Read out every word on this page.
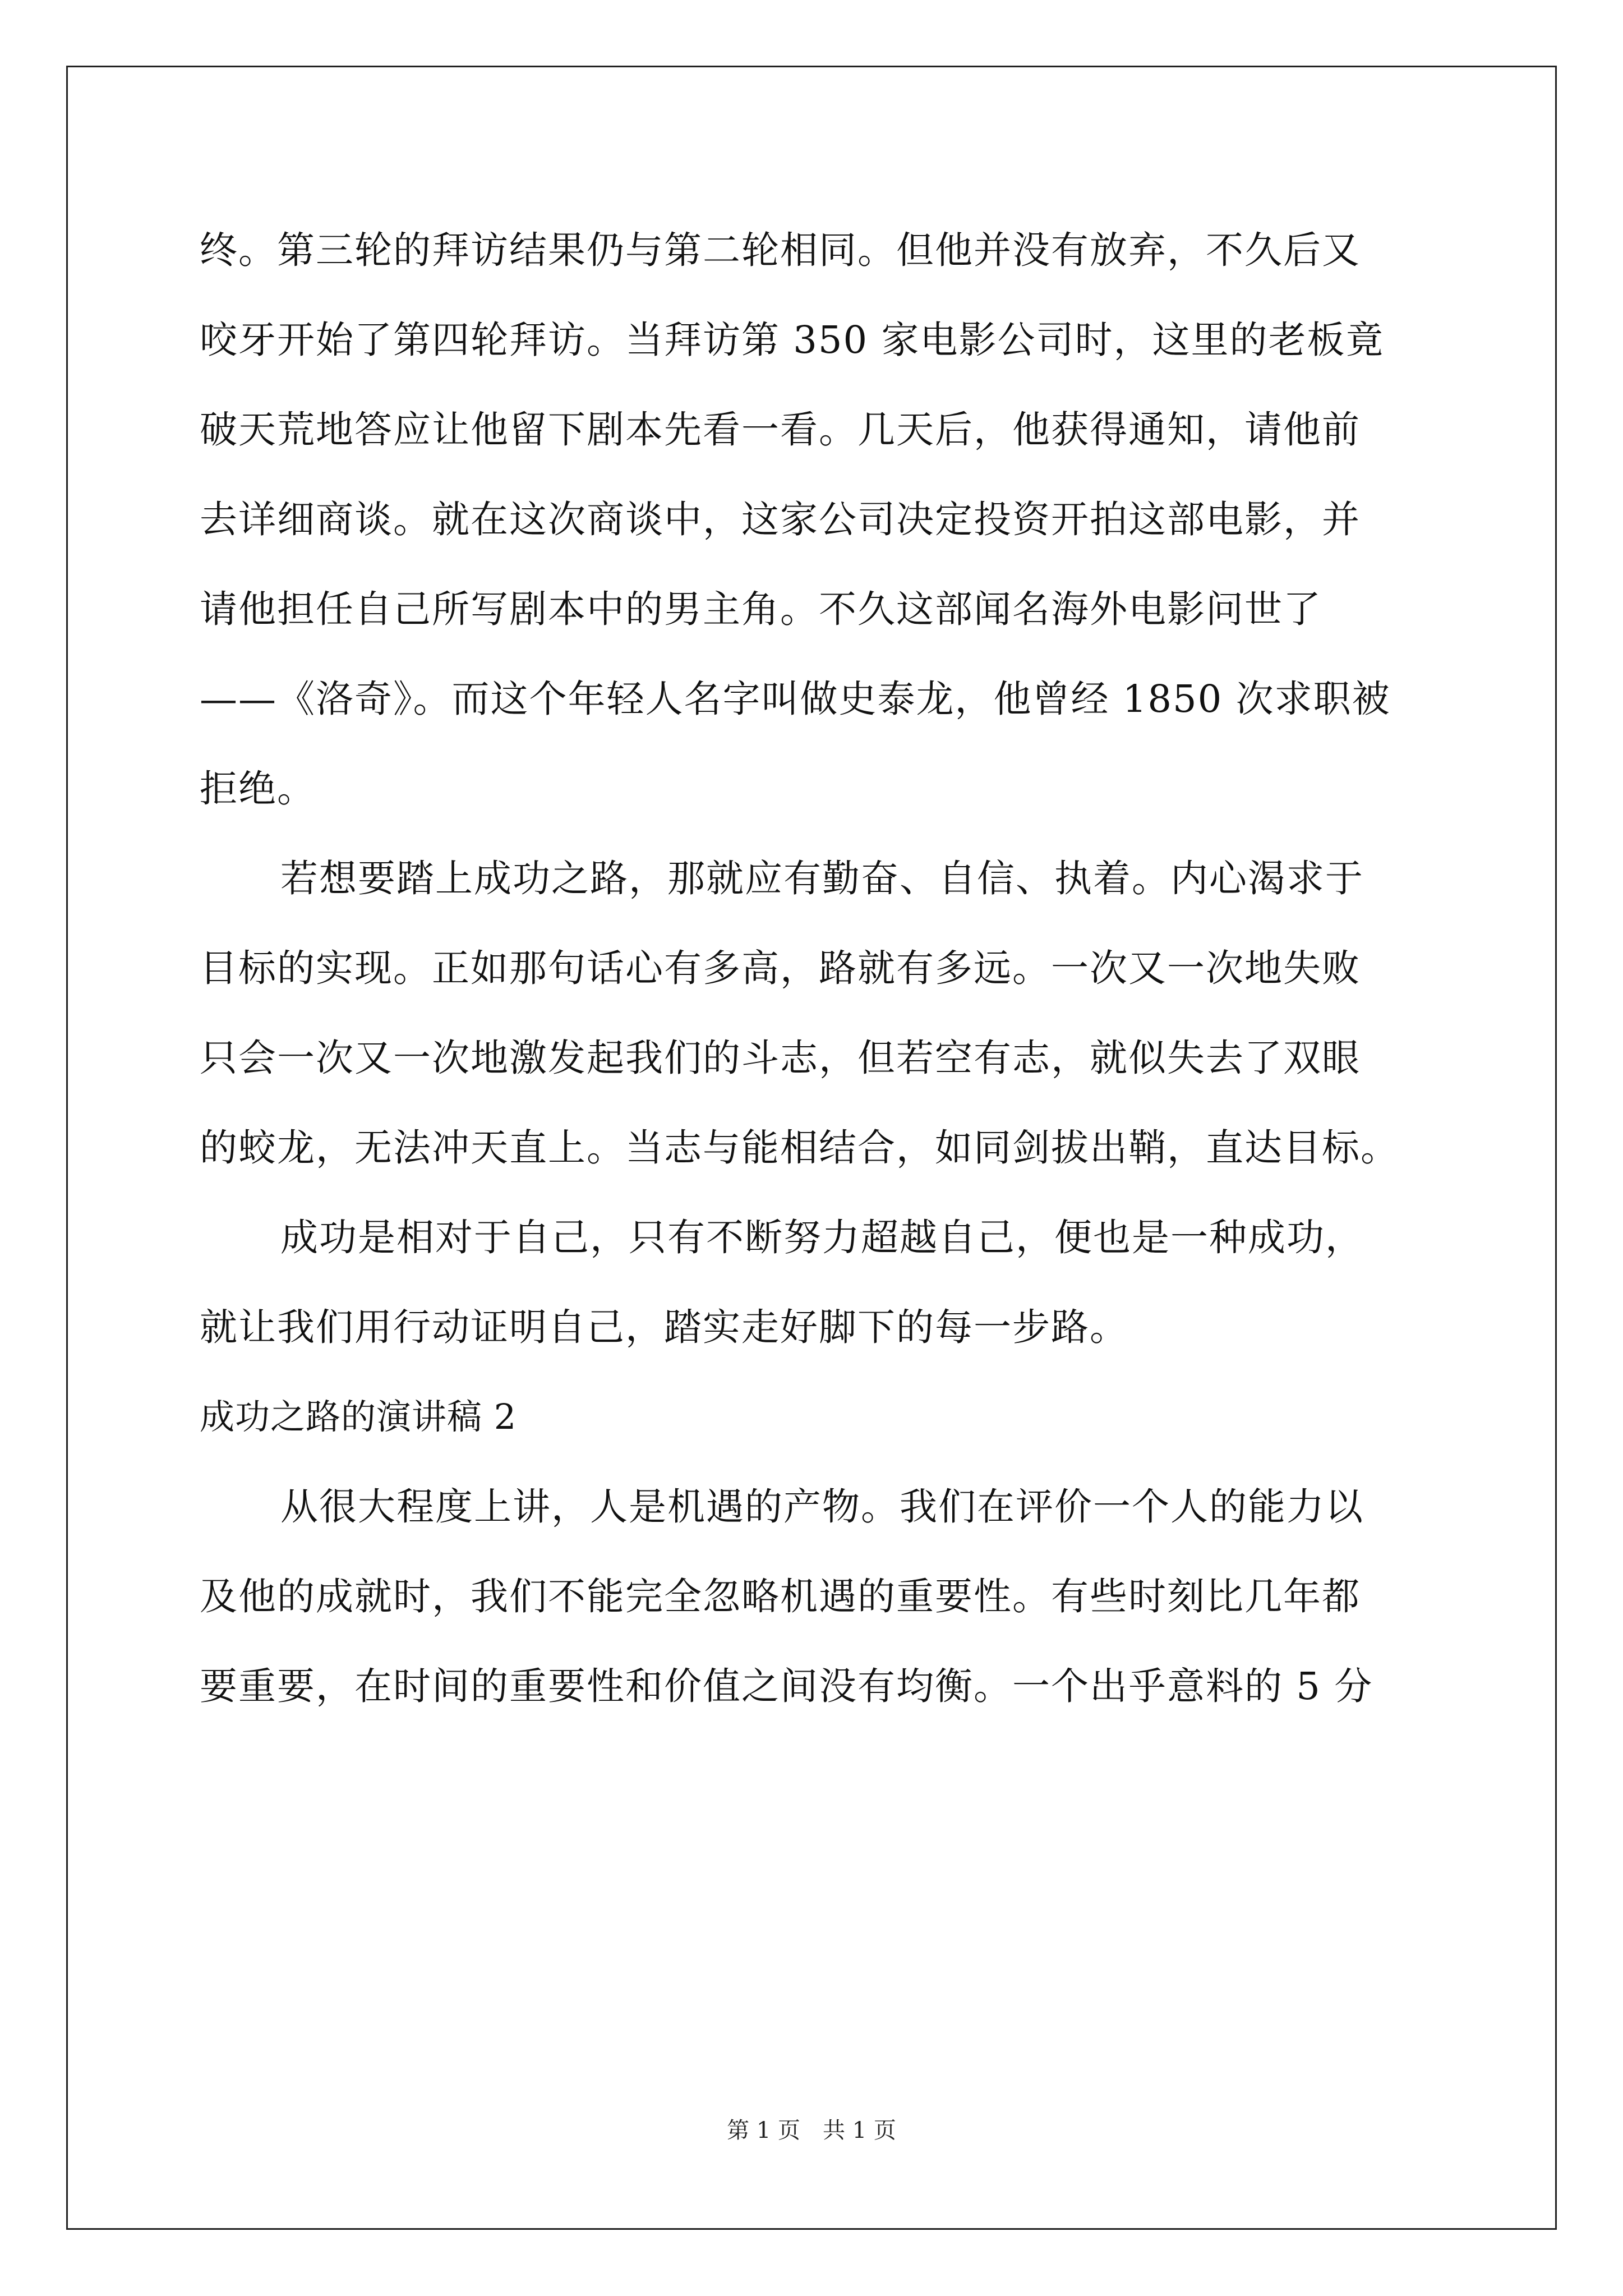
终。第三轮的拜访结果仍与第二轮相同。但他并没有放弃，不久后又
咬牙开始了第四轮拜访。当拜访第 350 家电影公司时，这里的老板竟
破天荒地答应让他留下剧本先看一看。几天后，他获得通知，请他前
去详细商谈。就在这次商谈中，这家公司决定投资开拍这部电影，并
请他担任自己所写剧本中的男主角。不久这部闻名海外电影问世了
——《洛奇》。而这个年轻人名字叫做史泰龙，他曾经 1850 次求职被
拒绝。
若想要踏上成功之路，那就应有勤奋、自信、执着。内心渴求于
目标的实现。正如那句话心有多高，路就有多远。一次又一次地失败
只会一次又一次地激发起我们的斗志，但若空有志，就似失去了双眼
的蛟龙，无法冲天直上。当志与能相结合，如同剑拔出鞘，直达目标。
成功是相对于自己，只有不断努力超越自己，便也是一种成功，
就让我们用行动证明自己，踏实走好脚下的每一步路。
成功之路的演讲稿 2
从很大程度上讲，人是机遇的产物。我们在评价一个人的能力以
及他的成就时，我们不能完全忽略机遇的重要性。有些时刻比几年都
要重要，在时间的重要性和价值之间没有均衡。一个出乎意料的 5 分
第 1 页　共 1 页
